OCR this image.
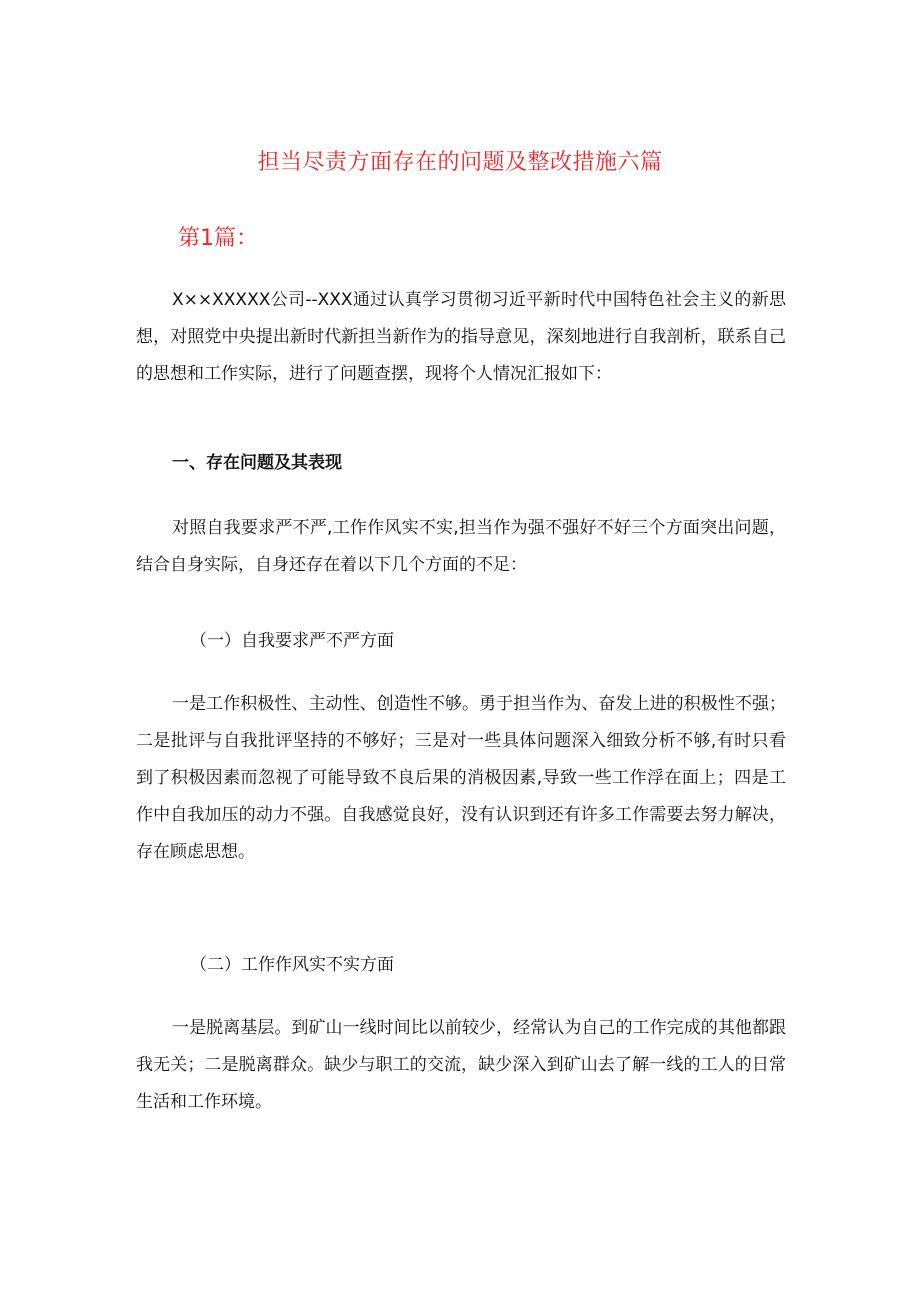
担当尽责方面存在的问题及整改措施六篇
第1篇：
X××XXXXX公司--XXX通过认真学习贯彻习近平新时代中国特色社会主义的新思想，对照党中央提出新时代新担当新作为的指导意见，深刻地进行自我剖析，联系自己的思想和工作实际，进行了问题查摆，现将个人情况汇报如下：
一、存在问题及其表现
对照自我要求严不严,工作作风实不实,担当作为强不强好不好三个方面突出问题，结合自身实际，自身还存在着以下几个方面的不足：
（一）自我要求严不严方面
一是工作积极性、主动性、创造性不够。勇于担当作为、奋发上进的积极性不强；二是批评与自我批评坚持的不够好；三是对一些具体问题深入细致分析不够,有时只看到了积极因素而忽视了可能导致不良后果的消极因素,导致一些工作浮在面上；四是工作中自我加压的动力不强。自我感觉良好，没有认识到还有许多工作需要去努力解决，存在顾虑思想。
（二）工作作风实不实方面
一是脱离基层。到矿山一线时间比以前较少，经常认为自己的工作完成的其他都跟我无关；二是脱离群众。缺少与职工的交流，缺少深入到矿山去了解一线的工人的日常生活和工作环境。
